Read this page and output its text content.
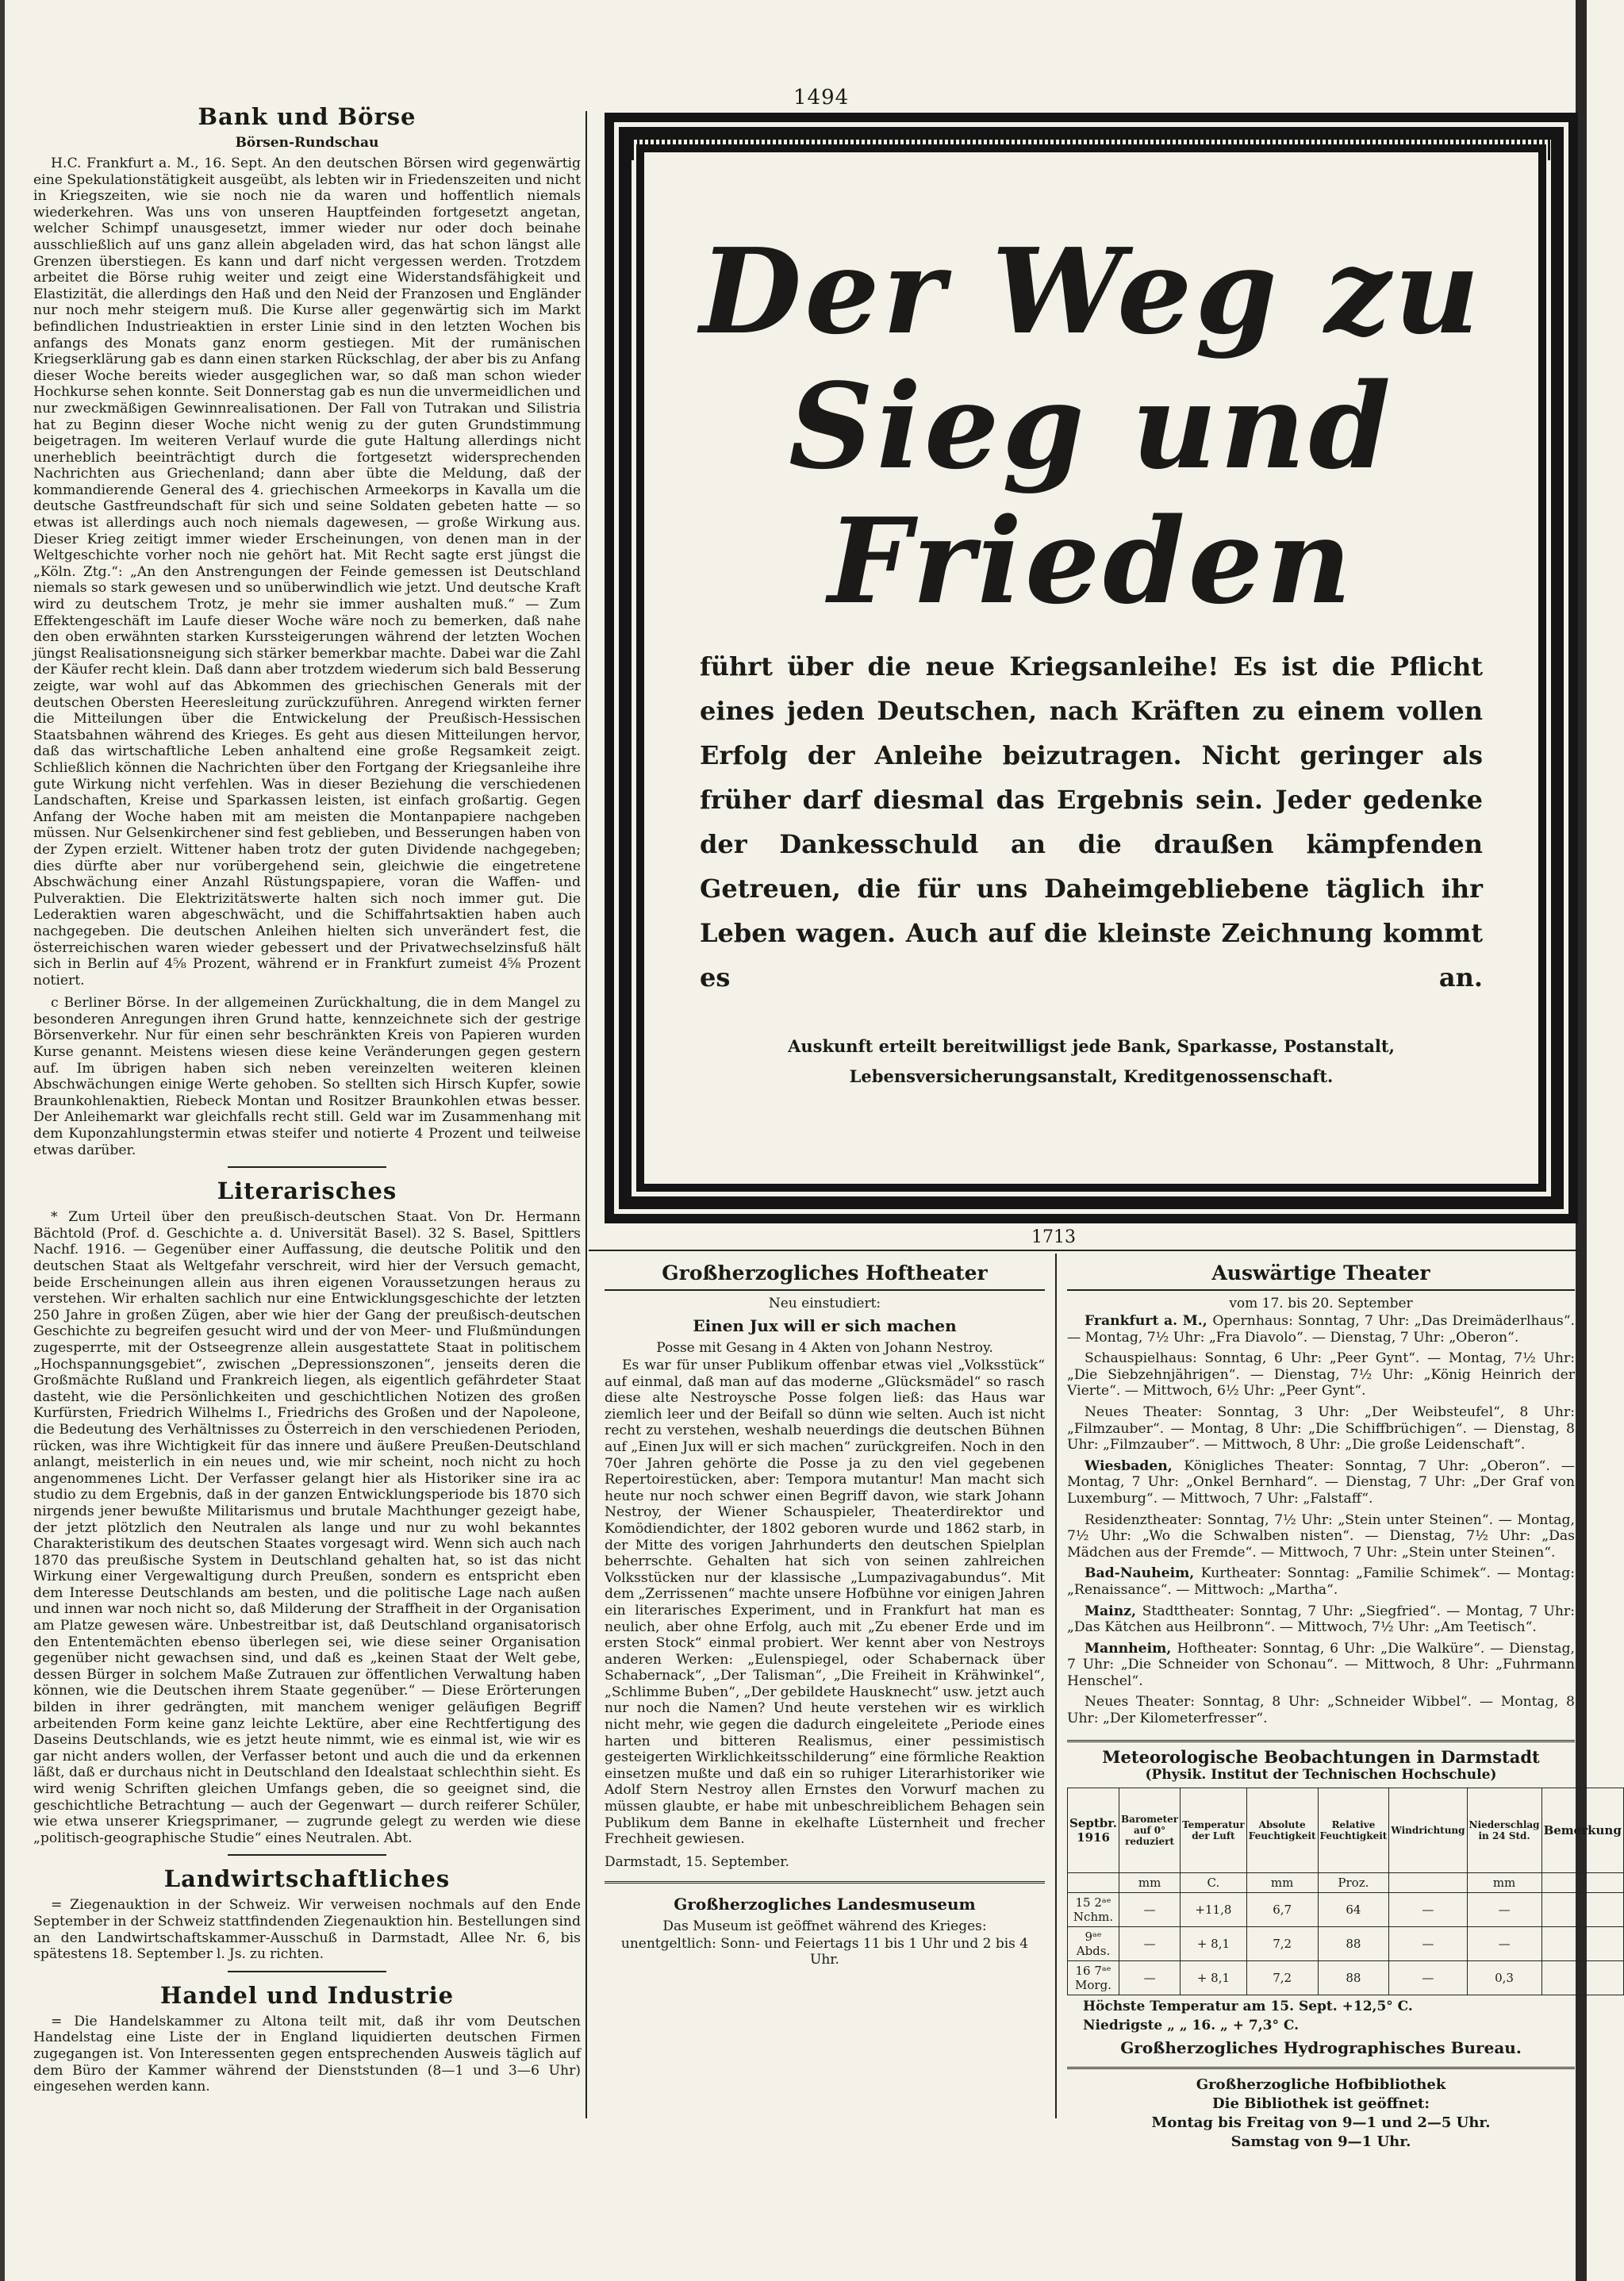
1494
Bank und Börse
Börsen-Rundschau

H.C. Frankfurt a. M., 16. Sept. An den deutschen Börsen wird gegenwärtig eine Spekulationstätigkeit ausgeübt, als lebten wir in Friedenszeiten und nicht in Kriegszeiten, wie sie noch nie da waren und hoffentlich niemals wiederkehren. Was uns von unseren Hauptfeinden fortgesetzt angetan, welcher Schimpf unausgesetzt, immer wieder nur oder doch beinahe ausschließlich auf uns ganz allein abgeladen wird, das hat schon längst alle Grenzen überstiegen. Es kann und darf nicht vergessen werden. Trotzdem arbeitet die Börse ruhig weiter und zeigt eine Widerstandsfähigkeit und Elastizität, die allerdings den Haß und den Neid der Franzosen und Engländer nur noch mehr steigern muß. Die Kurse aller gegenwärtig sich im Markt befindlichen Industrieaktien in erster Linie sind in den letzten Wochen bis anfangs des Monats ganz enorm gestiegen. Mit der rumänischen Kriegserklärung gab es dann einen starken Rückschlag, der aber bis zu Anfang dieser Woche bereits wieder ausgeglichen war, so daß man schon wieder Hochkurse sehen konnte. Seit Donnerstag gab es nun die unvermeidlichen und nur zweckmäßigen Gewinnrealisationen. Der Fall von Tutrakan und Silistria hat zu Beginn dieser Woche nicht wenig zu der guten Grundstimmung beigetragen. Im weiteren Verlauf wurde die gute Haltung allerdings nicht unerheblich beeinträchtigt durch die fortgesetzt widersprechenden Nachrichten aus Griechenland; dann aber übte die Meldung, daß der kommandierende General des 4. griechischen Armeekorps in Kavalla um die deutsche Gastfreundschaft für sich und seine Soldaten gebeten hatte — so etwas ist allerdings auch noch niemals dagewesen, — große Wirkung aus. Dieser Krieg zeitigt immer wieder Erscheinungen, von denen man in der Weltgeschichte vorher noch nie gehört hat. Mit Recht sagte erst jüngst die „Köln. Ztg.“: „An den Anstrengungen der Feinde gemessen ist Deutschland niemals so stark gewesen und so unüberwindlich wie jetzt. Und deutsche Kraft wird zu deutschem Trotz, je mehr sie immer aushalten muß.“ — Zum Effektengeschäft im Laufe dieser Woche wäre noch zu bemerken, daß nahe den oben erwähnten starken Kurssteigerungen während der letzten Wochen jüngst Realisationsneigung sich stärker bemerkbar machte. Dabei war die Zahl der Käufer recht klein. Daß dann aber trotzdem wiederum sich bald Besserung zeigte, war wohl auf das Abkommen des griechischen Generals mit der deutschen Obersten Heeresleitung zurückzuführen. Anregend wirkten ferner die Mitteilungen über die Entwickelung der Preußisch-Hessischen Staatsbahnen während des Krieges. Es geht aus diesen Mitteilungen hervor, daß das wirtschaftliche Leben anhaltend eine große Regsamkeit zeigt. Schließlich können die Nachrichten über den Fortgang der Kriegsanleihe ihre gute Wirkung nicht verfehlen. Was in dieser Beziehung die verschiedenen Landschaften, Kreise und Sparkassen leisten, ist einfach großartig. Gegen Anfang der Woche haben mit am meisten die Montanpapiere nachgeben müssen. Nur Gelsenkirchener sind fest geblieben, und Besserungen haben von der Zypen erzielt. Wittener haben trotz der guten Dividende nachgegeben; dies dürfte aber nur vorübergehend sein, gleichwie die eingetretene Abschwächung einer Anzahl Rüstungspapiere, voran die Waffen- und Pulveraktien. Die Elektrizitätswerte halten sich noch immer gut. Die Lederaktien waren abgeschwächt, und die Schiffahrtsaktien haben auch nachgegeben. Die deutschen Anleihen hielten sich unverändert fest, die österreichischen waren wieder gebessert und der Privatwechselzinsfuß hält sich in Berlin auf 4⅝ Prozent, während er in Frankfurt zumeist 4⅝ Prozent notiert.

c Berliner Börse. In der allgemeinen Zurückhaltung, die in dem Mangel zu besonderen Anregungen ihren Grund hatte, kennzeichnete sich der gestrige Börsenverkehr. Nur für einen sehr beschränkten Kreis von Papieren wurden Kurse genannt. Meistens wiesen diese keine Veränderungen gegen gestern auf. Im übrigen haben sich neben vereinzelten weiteren kleinen Abschwächungen einige Werte gehoben. So stellten sich Hirsch Kupfer, sowie Braunkohlenaktien, Riebeck Montan und Rositzer Braunkohlen etwas besser. Der Anleihemarkt war gleichfalls recht still. Geld war im Zusammenhang mit dem Kuponzahlungstermin etwas steifer und notierte 4 Prozent und teilweise etwas darüber.

Literarisches

* Zum Urteil über den preußisch-deutschen Staat. Von Dr. Hermann Bächtold (Prof. d. Geschichte a. d. Universität Basel). 32 S. Basel, Spittlers Nachf. 1916. — Gegenüber einer Auffassung, die deutsche Politik und den deutschen Staat als Weltgefahr verschreit, wird hier der Versuch gemacht, beide Erscheinungen allein aus ihren eigenen Voraussetzungen heraus zu verstehen. Wir erhalten sachlich nur eine Entwicklungsgeschichte der letzten 250 Jahre in großen Zügen, aber wie hier der Gang der preußisch-deutschen Geschichte zu begreifen gesucht wird und der von Meer- und Flußmündungen zugesperrte, mit der Ostseegrenze allein ausgestattete Staat in politischem „Hochspannungsgebiet“, zwischen „Depressionszonen“, jenseits deren die Großmächte Rußland und Frankreich liegen, als eigentlich gefährdeter Staat dasteht, wie die Persönlichkeiten und geschichtlichen Notizen des großen Kurfürsten, Friedrich Wilhelms I., Friedrichs des Großen und der Napoleone, die Bedeutung des Verhältnisses zu Österreich in den verschiedenen Perioden, rücken, was ihre Wichtigkeit für das innere und äußere Preußen-Deutschland anlangt, meisterlich in ein neues und, wie mir scheint, noch nicht zu hoch angenommenes Licht. Der Verfasser gelangt hier als Historiker sine ira ac studio zu dem Ergebnis, daß in der ganzen Entwicklungsperiode bis 1870 sich nirgends jener bewußte Militarismus und brutale Machthunger gezeigt habe, der jetzt plötzlich den Neutralen als lange und nur zu wohl bekanntes Charakteristikum des deutschen Staates vorgesagt wird. Wenn sich auch nach 1870 das preußische System in Deutschland gehalten hat, so ist das nicht Wirkung einer Vergewaltigung durch Preußen, sondern es entspricht eben dem Interesse Deutschlands am besten, und die politische Lage nach außen und innen war noch nicht so, daß Milderung der Straffheit in der Organisation am Platze gewesen wäre. Unbestreitbar ist, daß Deutschland organisatorisch den Ententemächten ebenso überlegen sei, wie diese seiner Organisation gegenüber nicht gewachsen sind, und daß es „keinen Staat der Welt gebe, dessen Bürger in solchem Maße Zutrauen zur öffentlichen Verwaltung haben können, wie die Deutschen ihrem Staate gegenüber.“ — Diese Erörterungen bilden in ihrer gedrängten, mit manchem weniger geläufigen Begriff arbeitenden Form keine ganz leichte Lektüre, aber eine Rechtfertigung des Daseins Deutschlands, wie es jetzt heute nimmt, wie es einmal ist, wie wir es gar nicht anders wollen, der Verfasser betont und auch die und da erkennen läßt, daß er durchaus nicht in Deutschland den Idealstaat schlechthin sieht. Es wird wenig Schriften gleichen Umfangs geben, die so geeignet sind, die geschichtliche Betrachtung — auch der Gegenwart — durch reiferer Schüler, wie etwa unserer Kriegsprimaner, — zugrunde gelegt zu werden wie diese „politisch-geographische Studie“ eines Neutralen. Abt.

Landwirtschaftliches

= Ziegenauktion in der Schweiz. Wir verweisen nochmals auf den Ende September in der Schweiz stattfindenden Ziegenauktion hin. Bestellungen sind an den Landwirtschaftskammer-Ausschuß in Darmstadt, Allee Nr. 6, bis spätestens 18. September l. Js. zu richten.

Handel und Industrie

= Die Handelskammer zu Altona teilt mit, daß ihr vom Deutschen Handelstag eine Liste der in England liquidierten deutschen Firmen zugegangen ist. Von Interessenten gegen entsprechenden Ausweis täglich auf dem Büro der Kammer während der Dienststunden (8—1 und 3—6 Uhr) eingesehen werden kann.

Der Weg zu Sieg und Frieden
führt über die neue Kriegsanleihe! Es ist die Pflicht eines jeden Deutschen, nach Kräften zu einem vollen Erfolg der Anleihe beizutragen. Nicht geringer als früher darf diesmal das Ergebnis sein. Jeder gedenke der Dankesschuld an die draußen kämpfenden Getreuen, die für uns Daheimgebliebene täglich ihr Leben wagen. Auch auf die kleinste Zeichnung kommt es an.
Auskunft erteilt bereitwilligst jede Bank, Sparkasse, Postanstalt, Lebensversicherungsanstalt, Kreditgenossenschaft.
1713
Großherzogliches Hoftheater
Neu einstudiert:
Einen Jux will er sich machen
Posse mit Gesang in 4 Akten von Johann Nestroy.

Es war für unser Publikum offenbar etwas viel „Volksstück“ auf einmal, daß man auf das moderne „Glücksmädel“ so rasch diese alte Nestroysche Posse folgen ließ: das Haus war ziemlich leer und der Beifall so dünn wie selten. Auch ist nicht recht zu verstehen, weshalb neuerdings die deutschen Bühnen auf „Einen Jux will er sich machen“ zurückgreifen. Noch in den 70er Jahren gehörte die Posse ja zu den viel gegebenen Repertoirestücken, aber: Tempora mutantur! Man macht sich heute nur noch schwer einen Begriff davon, wie stark Johann Nestroy, der Wiener Schauspieler, Theaterdirektor und Komödiendichter, der 1802 geboren wurde und 1862 starb, in der Mitte des vorigen Jahrhunderts den deutschen Spielplan beherrschte. Gehalten hat sich von seinen zahlreichen Volksstücken nur der klassische „Lumpazivagabundus“. Mit dem „Zerrissenen“ machte unsere Hofbühne vor einigen Jahren ein literarisches Experiment, und in Frankfurt hat man es neulich, aber ohne Erfolg, auch mit „Zu ebener Erde und im ersten Stock“ einmal probiert. Wer kennt aber von Nestroys anderen Werken: „Eulenspiegel, oder Schabernack über Schabernack“, „Der Talisman“, „Die Freiheit in Krähwinkel“, „Schlimme Buben“, „Der gebildete Hausknecht“ usw. jetzt auch nur noch die Namen? Und heute verstehen wir es wirklich nicht mehr, wie gegen die dadurch eingeleitete „Periode eines harten und bitteren Realismus, einer pessimistisch gesteigerten Wirklichkeitsschilderung“ eine förmliche Reaktion einsetzen mußte und daß ein so ruhiger Literarhistoriker wie Adolf Stern Nestroy allen Ernstes den Vorwurf machen zu müssen glaubte, er habe mit unbeschreiblichem Behagen sein Publikum dem Banne in ekelhafte Lüsternheit und frecher Frechheit gewiesen.

Darmstadt, 15. September.
Großherzogliches Landesmuseum
Das Museum ist geöffnet während des Krieges:
unentgeltlich: Sonn- und Feiertags 11 bis 1 Uhr und 2 bis 4 Uhr.
Auswärtige Theater
vom 17. bis 20. September

Frankfurt a. M., Opernhaus: Sonntag, 7 Uhr: „Das Dreimäderlhaus“. — Montag, 7½ Uhr: „Fra Diavolo“. — Dienstag, 7 Uhr: „Oberon“.

Schauspielhaus: Sonntag, 6 Uhr: „Peer Gynt“. — Montag, 7½ Uhr: „Die Siebzehnjährigen“. — Dienstag, 7½ Uhr: „König Heinrich der Vierte“. — Mittwoch, 6½ Uhr: „Peer Gynt“.

Neues Theater: Sonntag, 3 Uhr: „Der Weibsteufel“, 8 Uhr: „Filmzauber“. — Montag, 8 Uhr: „Die Schiffbrüchigen“. — Dienstag, 8 Uhr: „Filmzauber“. — Mittwoch, 8 Uhr: „Die große Leidenschaft“.

Wiesbaden, Königliches Theater: Sonntag, 7 Uhr: „Oberon“. — Montag, 7 Uhr: „Onkel Bernhard“. — Dienstag, 7 Uhr: „Der Graf von Luxemburg“. — Mittwoch, 7 Uhr: „Falstaff“.

Residenztheater: Sonntag, 7½ Uhr: „Stein unter Steinen“. — Montag, 7½ Uhr: „Wo die Schwalben nisten“. — Dienstag, 7½ Uhr: „Das Mädchen aus der Fremde“. — Mittwoch, 7 Uhr: „Stein unter Steinen“.

Bad-Nauheim, Kurtheater: Sonntag: „Familie Schimek“. — Montag: „Renaissance“. — Mittwoch: „Martha“.

Mainz, Stadttheater: Sonntag, 7 Uhr: „Siegfried“. — Montag, 7 Uhr: „Das Kätchen aus Heilbronn“. — Mittwoch, 7½ Uhr: „Am Teetisch“.

Mannheim, Hoftheater: Sonntag, 6 Uhr: „Die Walküre“. — Dienstag, 7 Uhr: „Die Schneider von Schonau“. — Mittwoch, 8 Uhr: „Fuhrmann Henschel“.

Neues Theater: Sonntag, 8 Uhr: „Schneider Wibbel“. — Montag, 8 Uhr: „Der Kilometerfresser“.

Meteorologische Beobachtungen in Darmstadt
(Physik. Institut der Technischen Hochschule)
Septbr. 1916	Barometer auf 0° reduziert	Temperatur der Luft	Absolute Feuchtigkeit	Relative Feuchtigkeit	Windrichtung	Niederschlag in 24 Std.	Bemerkung
	mm	C.	mm	Proz.		mm	
15 2ᵃᵉ Nchm.	—	+11,8	6,7	64	—	—	
9ᵃᵉ Abds.	—	+ 8,1	7,2	88	—	—	
16 7ᵃᵉ Morg.	—	+ 8,1	7,2	88	—	0,3	
Höchste Temperatur am 15. Sept. +12,5° C.
Niedrigste „ „ 16. „ + 7,3° C.
Großherzogliches Hydrographisches Bureau.
Großherzogliche Hofbibliothek
Die Bibliothek ist geöffnet:
Montag bis Freitag von 9—1 und 2—5 Uhr.
Samstag von 9—1 Uhr.
